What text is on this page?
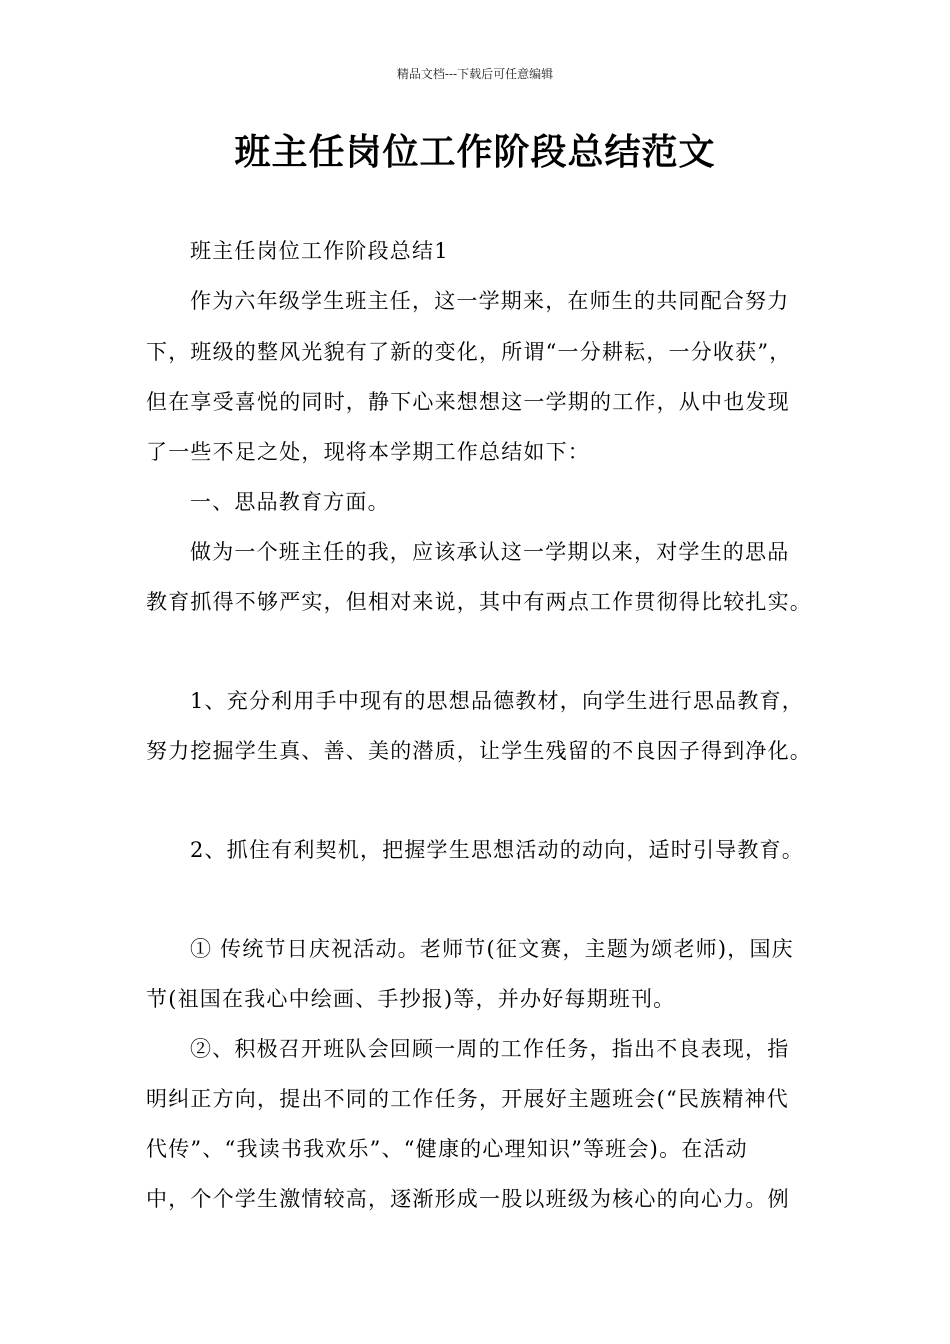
精品文档---下载后可任意编辑
班主任岗位工作阶段总结范文
班主任岗位工作阶段总结1
作为六年级学生班主任，这一学期来，在师生的共同配合努力
下，班级的整风光貌有了新的变化，所谓“一分耕耘，一分收获”，
但在享受喜悦的同时，静下心来想想这一学期的工作，从中也发现
了一些不足之处，现将本学期工作总结如下：
一、思品教育方面。
做为一个班主任的我，应该承认这一学期以来，对学生的思品
教育抓得不够严实，但相对来说，其中有两点工作贯彻得比较扎实。
1、充分利用手中现有的思想品德教材，向学生进行思品教育，
努力挖掘学生真、善、美的潜质，让学生残留的不良因子得到净化。
2、抓住有利契机，把握学生思想活动的动向，适时引导教育。
① 传统节日庆祝活动。老师节(征文赛，主题为颂老师)，国庆
节(祖国在我心中绘画、手抄报)等，并办好每期班刊。
②、积极召开班队会回顾一周的工作任务，指出不良表现，指
明纠正方向，提出不同的工作任务，开展好主题班会(“民族精神代
代传”、“我读书我欢乐”、“健康的心理知识”等班会)。在活动
中，个个学生激情较高，逐渐形成一股以班级为核心的向心力。例
